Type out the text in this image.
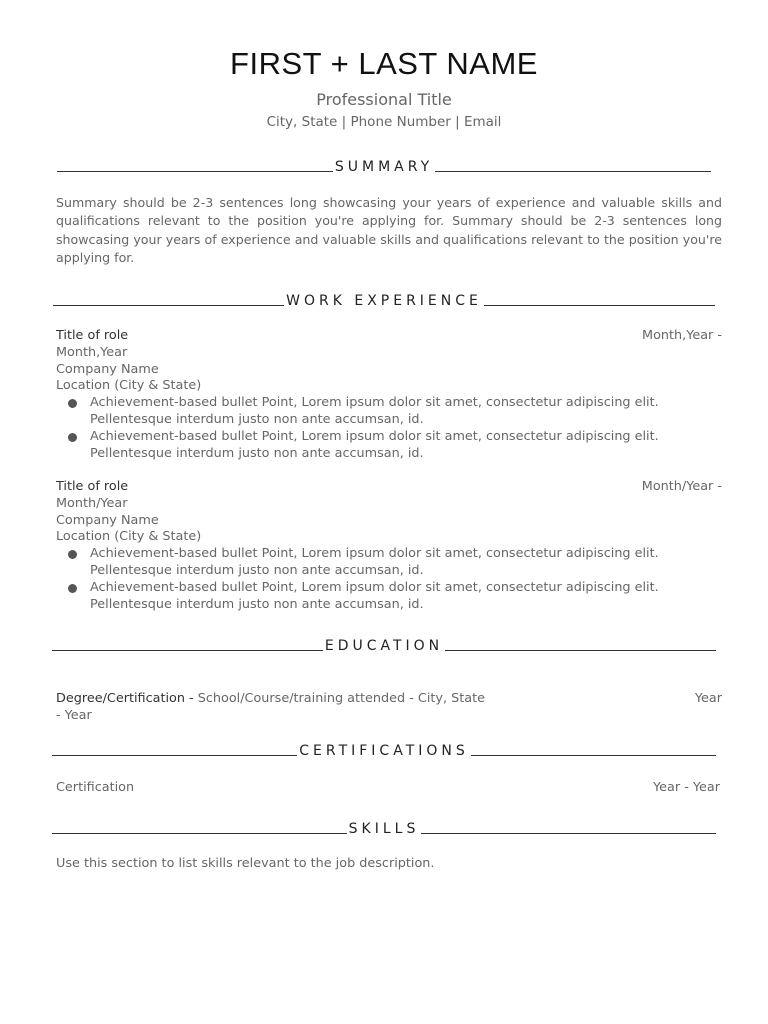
FIRST + LAST NAME
Professional Title
City, State | Phone Number | Email
SUMMARY
Summary should be 2-3 sentences long showcasing your years of experience and valuable skills and qualifications relevant to the position you're applying for. Summary should be 2-3 sentences long showcasing your years of experience and valuable skills and qualifications relevant to the position you're applying for.
WORK EXPERIENCE
Title of role	Month,Year -
Month,Year
Company Name
Location (City & State)
Achievement-based bullet Point, Lorem ipsum dolor sit amet, consectetur adipiscing elit. Pellentesque interdum justo non ante accumsan, id.
Achievement-based bullet Point, Lorem ipsum dolor sit amet, consectetur adipiscing elit. Pellentesque interdum justo non ante accumsan, id.
Title of role	Month/Year -
Month/Year
Company Name
Location (City & State)
Achievement-based bullet Point, Lorem ipsum dolor sit amet, consectetur adipiscing elit. Pellentesque interdum justo non ante accumsan, id.
Achievement-based bullet Point, Lorem ipsum dolor sit amet, consectetur adipiscing elit. Pellentesque interdum justo non ante accumsan, id.
EDUCATION
Degree/Certification - School/Course/training attended - City, State	Year
- Year
CERTIFICATIONS
Certification	Year - Year
SKILLS
Use this section to list skills relevant to the job description.
